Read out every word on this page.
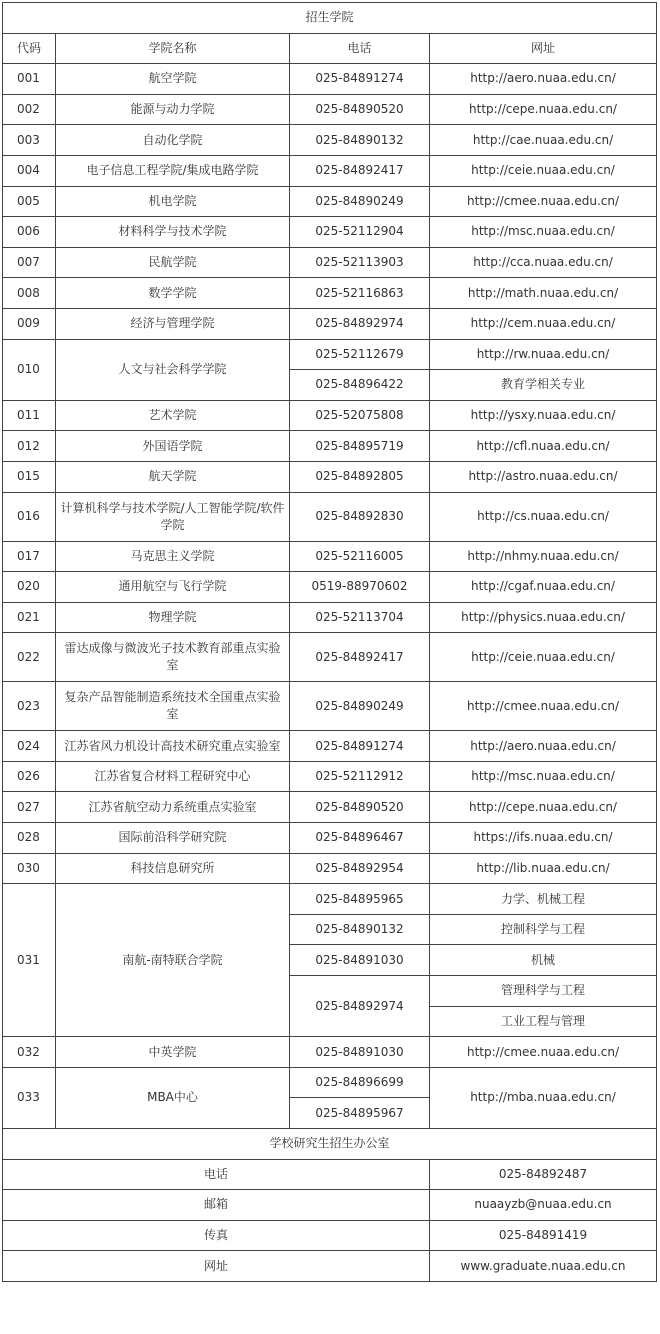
招生学院			
代码	学院名称	电话	网址
001	航空学院	025-84891274	http://aero.nuaa.edu.cn/
002	能源与动力学院	025-84890520	http://cepe.nuaa.edu.cn/
003	自动化学院	025-84890132	http://cae.nuaa.edu.cn/
004	电子信息工程学院/集成电路学院	025-84892417	http://ceie.nuaa.edu.cn/
005	机电学院	025-84890249	http://cmee.nuaa.edu.cn/
006	材料科学与技术学院	025-52112904	http://msc.nuaa.edu.cn/
007	民航学院	025-52113903	http://cca.nuaa.edu.cn/
008	数学学院	025-52116863	http://math.nuaa.edu.cn/
009	经济与管理学院	025-84892974	http://cem.nuaa.edu.cn/
010	人文与社会科学学院	025-52112679	http://rw.nuaa.edu.cn/
		025-84896422	教育学相关专业
011	艺术学院	025-52075808	http://ysxy.nuaa.edu.cn/
012	外国语学院	025-84895719	http://cfl.nuaa.edu.cn/
015	航天学院	025-84892805	http://astro.nuaa.edu.cn/
016	计算机科学与技术学院/人工智能学院/软件学院	025-84892830	http://cs.nuaa.edu.cn/
017	马克思主义学院	025-52116005	http://nhmy.nuaa.edu.cn/
020	通用航空与飞行学院	0519-88970602	http://cgaf.nuaa.edu.cn/
021	物理学院	025-52113704	http://physics.nuaa.edu.cn/
022	雷达成像与微波光子技术教育部重点实验室	025-84892417	http://ceie.nuaa.edu.cn/
023	复杂产品智能制造系统技术全国重点实验室	025-84890249	http://cmee.nuaa.edu.cn/
024	江苏省风力机设计高技术研究重点实验室	025-84891274	http://aero.nuaa.edu.cn/
026	江苏省复合材料工程研究中心	025-52112912	http://msc.nuaa.edu.cn/
027	江苏省航空动力系统重点实验室	025-84890520	http://cepe.nuaa.edu.cn/
028	国际前沿科学研究院	025-84896467	https://ifs.nuaa.edu.cn/
030	科技信息研究所	025-84892954	http://lib.nuaa.edu.cn/
031	南航-南特联合学院	025-84895965	力学、机械工程
		025-84890132	控制科学与工程
		025-84891030	机械
		025-84892974	管理科学与工程
			工业工程与管理
032	中英学院	025-84891030	http://cmee.nuaa.edu.cn/
033	MBA中心	025-84896699	http://mba.nuaa.edu.cn/
		025-84895967	
学校研究生招生办公室			
电话			025-84892487
邮箱			nuaayzb@nuaa.edu.cn
传真			025-84891419
网址			www.graduate.nuaa.edu.cn
